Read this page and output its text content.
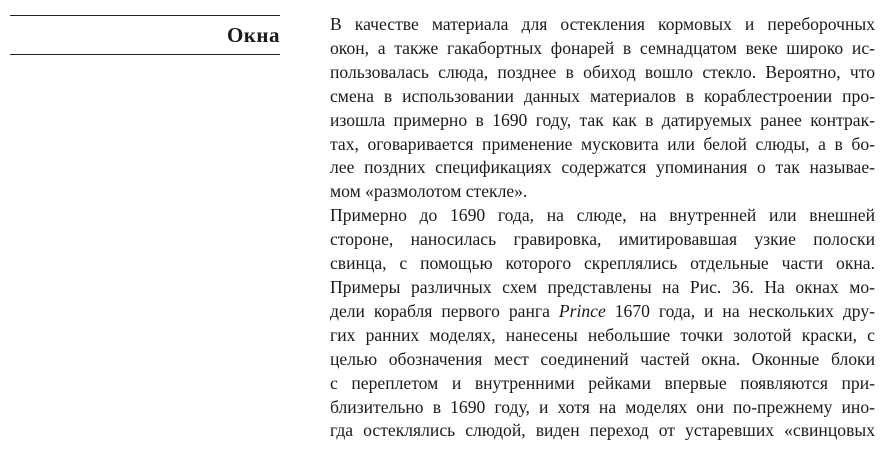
Окна	В качестве материала для остекления кормовых и переборочных
окон, а также гакабортных фонарей в семнадцатом веке широко ис-
пользовалась слюда, позднее в обиход вошло стекло. Вероятно, что
смена в использовании данных материалов в кораблестроении про-
изошла примерно в 1690 году, так как в датируемых ранее контрак-
тах, оговаривается применение мусковита или белой слюды, а в бо-
лее поздних спецификациях содержатся упоминания о так называе-
мом «размолотом стекле».

Примерно до 1690 года, на слюде, на внутренней или внешней
стороне, наносилась гравировка, имитировавшая узкие полоски
свинца, с помощью которого скреплялись отдельные части окна.
Примеры различных схем представлены на Рис. 36. На окнах мо-
дели корабля первого ранга Prince 1670 года, и на нескольких дру-
гих ранних моделях, нанесены небольшие точки золотой краски, с
целью обозначения мест соединений частей окна. Оконные блоки
с переплетом и внутренними рейками впервые появляются при-
близительно в 1690 году, и хотя на моделях они по-прежнему ино-
гда остеклялись слюдой, виден переход от устаревших «свинцовых
